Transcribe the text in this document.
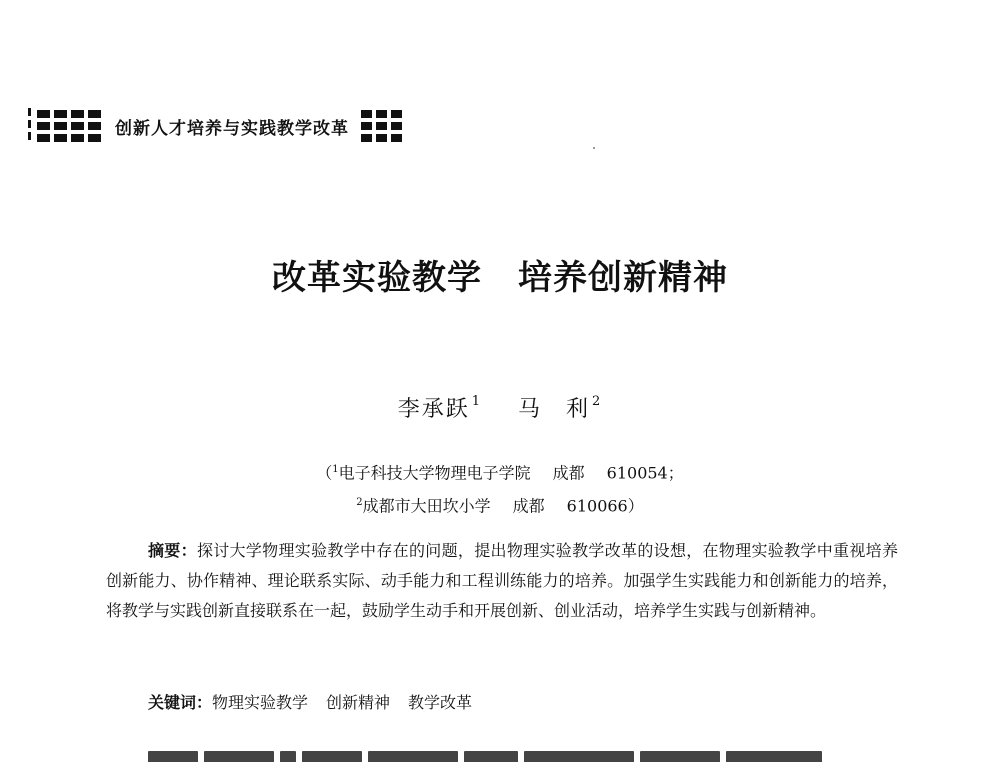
创新人才培养与实践教学改革
改革实验教学 培养创新精神
李承跃 $^1$ 马　利 $^2$
（$^1$电子科技大学物理电子学院 成都 610054；
$^2$成都市大田坎小学 成都 610066）
摘要：探讨大学物理实验教学中存在的问题，提出物理实验教学改革的设想，在物理实验教学中重视培养创新能力、协作精神、理论联系实际、动手能力和工程训练能力的培养。加强学生实践能力和创新能力的培养，将教学与实践创新直接联系在一起，鼓励学生动手和开展创新、创业活动，培养学生实践与创新精神。
关键词：物理实验教学 创新精神 教学改革
